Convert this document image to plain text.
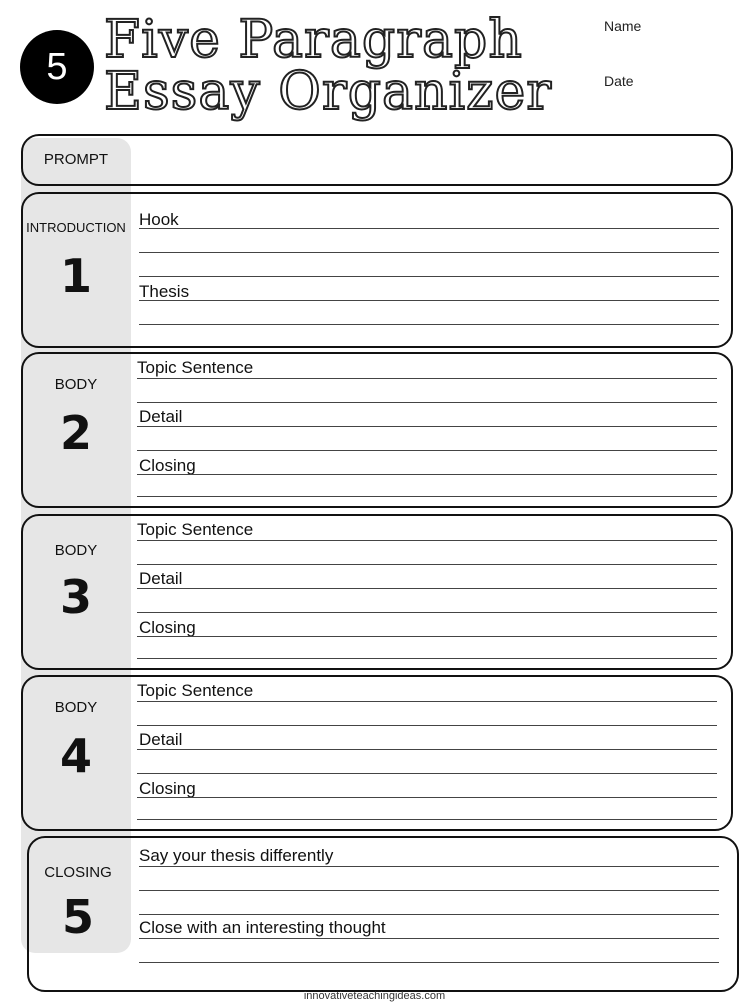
5 Five Paragraph
Essay Organizer
Name
Date
PROMPT
INTRODUCTION
1
Hook
Thesis
BODY
2
Topic Sentence
Detail
Closing
BODY
3
Topic Sentence
Detail
Closing
BODY
4
Topic Sentence
Detail
Closing
CLOSING
5
Say your thesis differently
Close with an interesting thought
innovativeteachingideas.com
